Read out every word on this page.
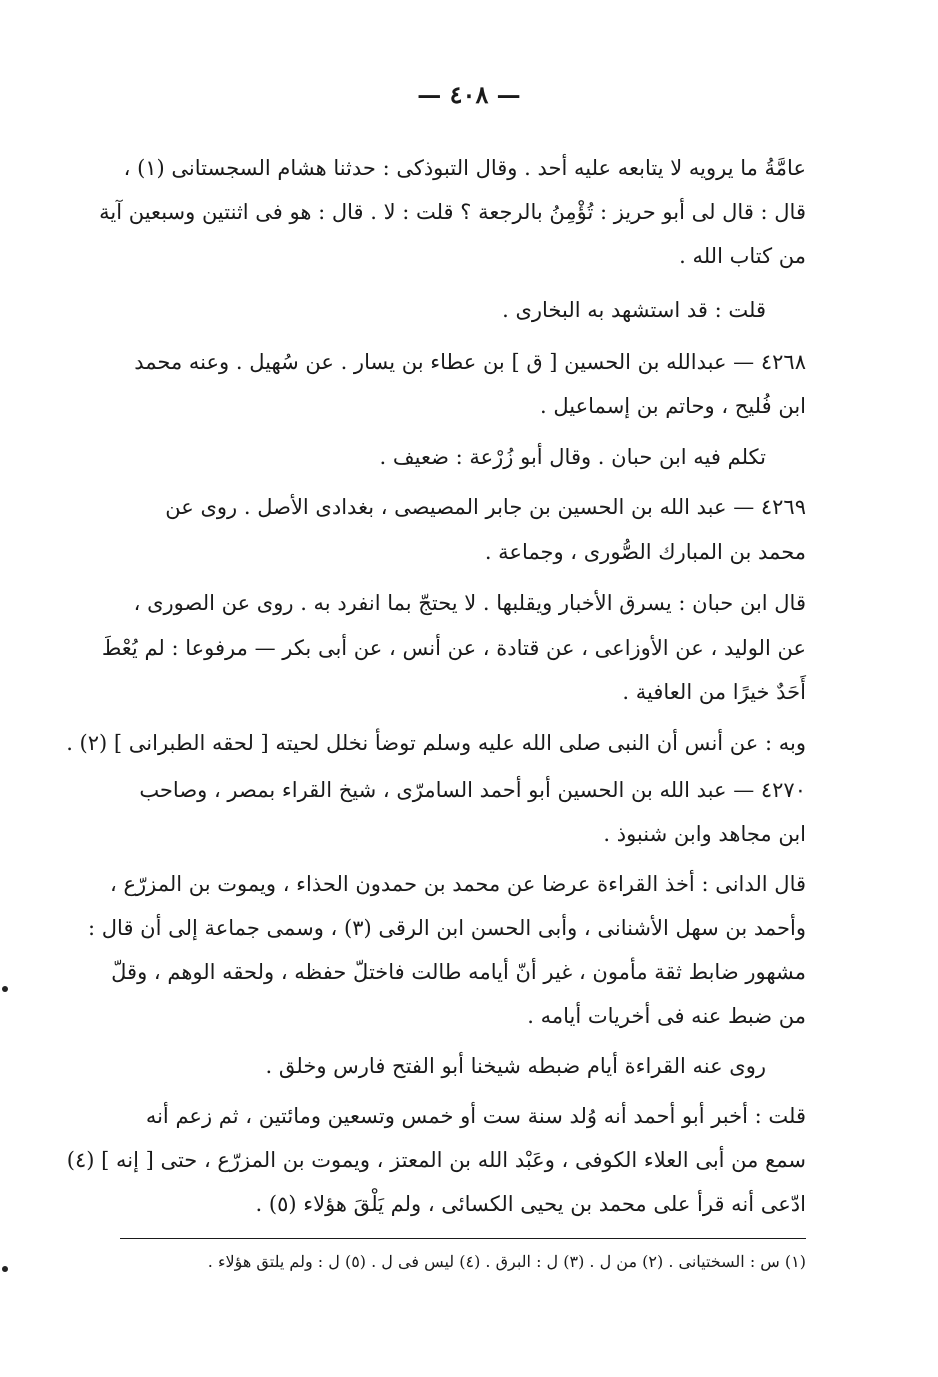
— ٤٠٨ —
عامَّةُ ما يرويه لا يتابعه عليه أحد . وقال التبوذكى : حدثنا هشام السجستانى (١) ،
قال : قال لى أبو حريز : تُؤْمِنُ بالرجعة ؟ قلت : لا . قال : هو فى اثنتين وسبعين آية
من كتاب الله .
قلت : قد استشهد به البخارى .
٤٢٦٨ — عبدالله بن الحسين [ ق ] بن عطاء بن يسار . عن سُهيل . وعنه محمد
ابن فُليح ، وحاتم بن إسماعيل .
تكلم فيه ابن حبان . وقال أبو زُرْعة : ضعيف .
٤٢٦٩ — عبد الله بن الحسين بن جابر المصيصى ، بغدادى الأصل . روى عن
محمد بن المبارك الصُّورى ، وجماعة .
قال ابن حبان : يسرق الأخبار ويقلبها . لا يحتجّ بما انفرد به . روى عن الصورى ،
عن الوليد ، عن الأوزاعى ، عن قتادة ، عن أنس ، عن أبى بكر — مرفوعا : لم يُعْطَ
أَحَدٌ خيرًا من العافية .
وبه : عن أنس أن النبى صلى الله عليه وسلم توضأ نخلل لحيته [ لحقه الطبرانى ] (٢) .
٤٢٧٠ — عبد الله بن الحسين أبو أحمد السامرّى ، شيخ القراء بمصر ، وصاحب
ابن مجاهد وابن شنبوذ .
قال الدانى : أخذ القراءة عرضا عن محمد بن حمدون الحذاء ، ويموت بن المزرّع ،
وأحمد بن سهل الأشنانى ، وأبى الحسن ابن الرقى (٣) ، وسمى جماعة إلى أن قال :
مشهور ضابط ثقة مأمون ، غير أنّ أيامه طالت فاختلّ حفظه ، ولحقه الوهم ، وقلّ
من ضبط عنه فى أخريات أيامه .
روى عنه القراءة أيام ضبطه شيخنا أبو الفتح فارس وخلق .
قلت : أخبر أبو أحمد أنه وُلد سنة ست أو خمس وتسعين ومائتين ، ثم زعم أنه
سمع من أبى العلاء الكوفى ، وعَبْد الله بن المعتز ، ويموت بن المزرّع ، حتى [ إنه ] (٤)
ادّعى أنه قرأ على محمد بن يحيى الكسائى ، ولم يَلْقَ هؤلاء (٥) .
(١) س : السختيانى . (٢) من ل . (٣) ل : البرق . (٤) ليس فى ل . (٥) ل : ولم يلتق هؤلاء .
